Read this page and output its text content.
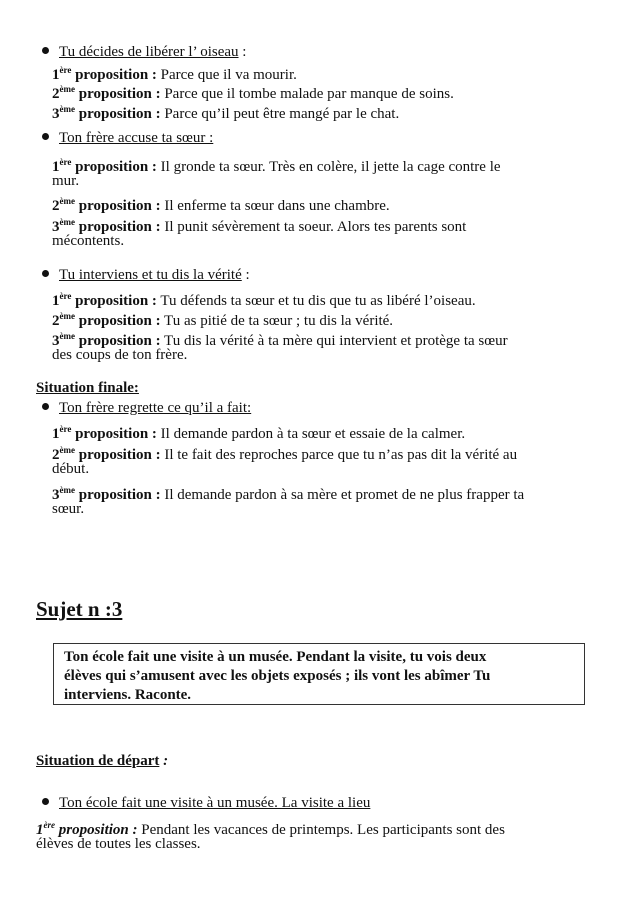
Tu décides de libérer l’ oiseau :
1ère proposition : Parce que il va mourir.
2ème proposition : Parce que il tombe malade par manque de soins.
3ème proposition : Parce qu’il peut être mangé par le chat.
Ton frère accuse ta sœur :
1ère proposition : Il gronde ta sœur. Très en colère, il jette la cage contre le
mur.
2ème proposition : Il enferme ta sœur dans une chambre.
3ème proposition : Il punit sévèrement ta soeur. Alors tes parents sont
mécontents.
Tu interviens et tu dis la vérité :
1ère proposition : Tu défends ta sœur et tu dis que tu as libéré l’oiseau.
2ème proposition : Tu as pitié de ta sœur ; tu dis la vérité.
3ème proposition : Tu dis la vérité à ta mère qui intervient et protège ta sœur
des coups de ton frère.
Situation finale:
Ton frère regrette ce qu’il a fait:
1ère proposition : Il demande pardon à ta sœur et essaie de la calmer.
2ème proposition : Il te fait des reproches parce que tu n’as pas dit la vérité au
début.
3ème proposition : Il demande pardon à sa mère et promet de ne plus frapper ta
sœur.
Sujet n :3
Ton école fait une visite à un musée. Pendant la visite, tu vois deux
élèves qui s’amusent avec les objets exposés ; ils vont les abîmer Tu
interviens. Raconte.
Situation de départ :
Ton école fait une visite à un musée. La visite a lieu
1ère proposition : Pendant les vacances de printemps. Les participants sont des
élèves de toutes les classes.
